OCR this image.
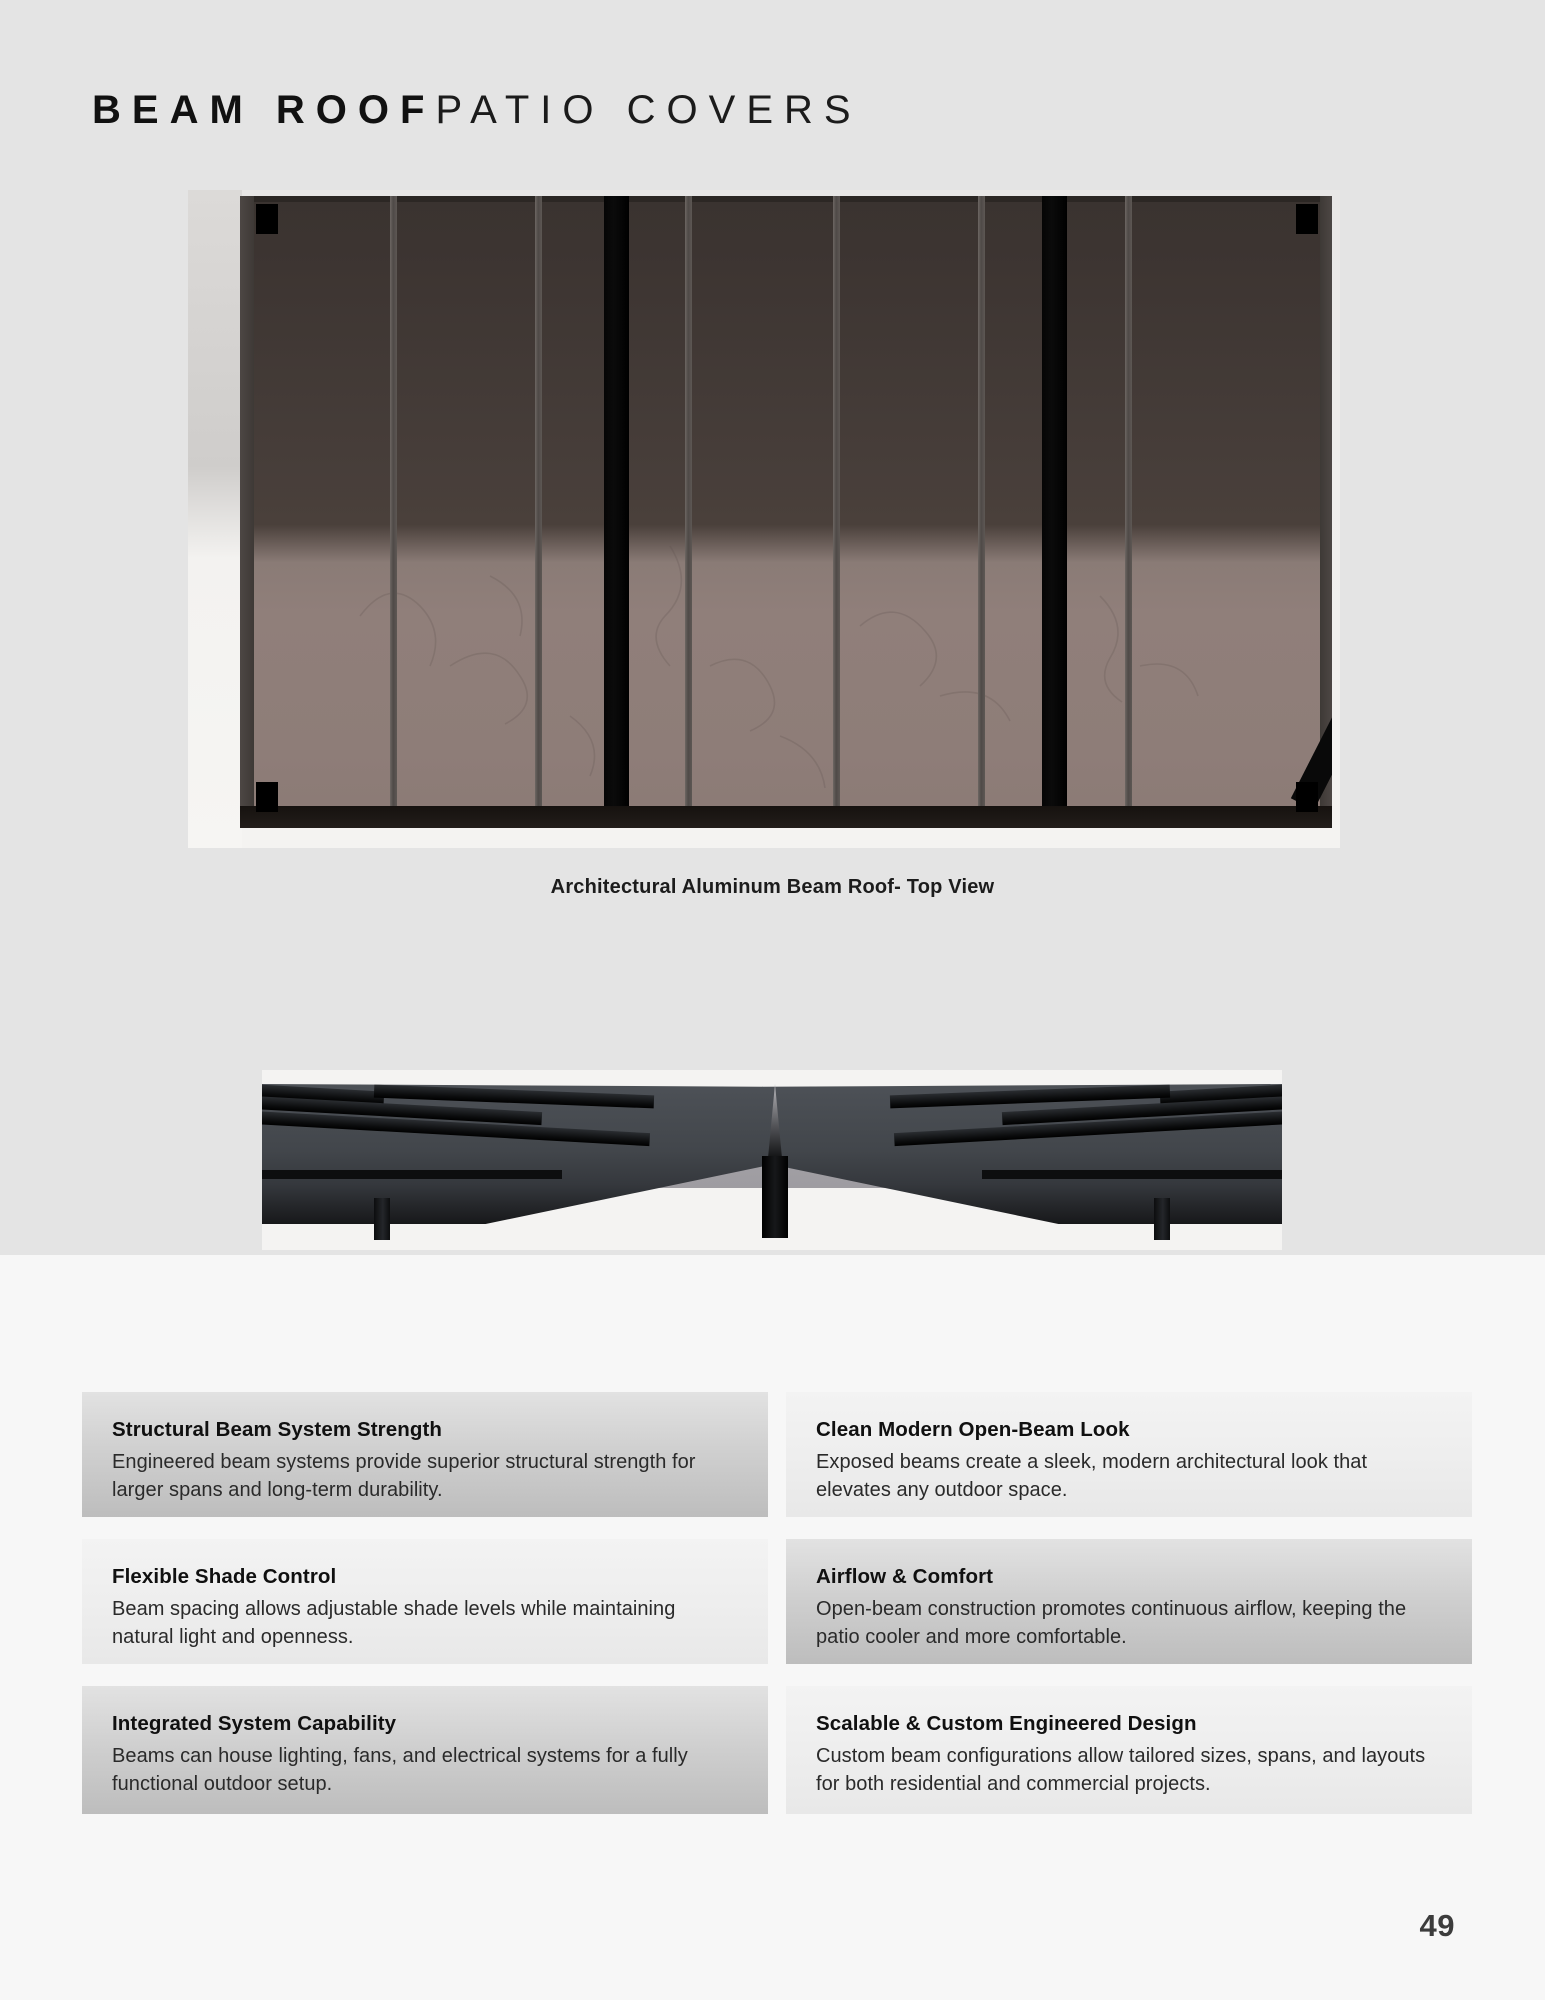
BEAM ROOFPATIO COVERS
Architectural Aluminum Beam Roof- Top View
Structural Beam System Strength
Engineered beam systems provide superior structural strength for larger spans and long-term durability.
Clean Modern Open-Beam Look
Exposed beams create a sleek, modern architectural look that elevates any outdoor space.
Flexible Shade Control
Beam spacing allows adjustable shade levels while maintaining natural light and openness.
Airflow & Comfort
Open-beam construction promotes continuous airflow, keeping the patio cooler and more comfortable.
Integrated System Capability
Beams can house lighting, fans, and electrical systems for a fully functional outdoor setup.
Scalable & Custom Engineered Design
Custom beam configurations allow tailored sizes, spans, and layouts for both residential and commercial projects.
49
